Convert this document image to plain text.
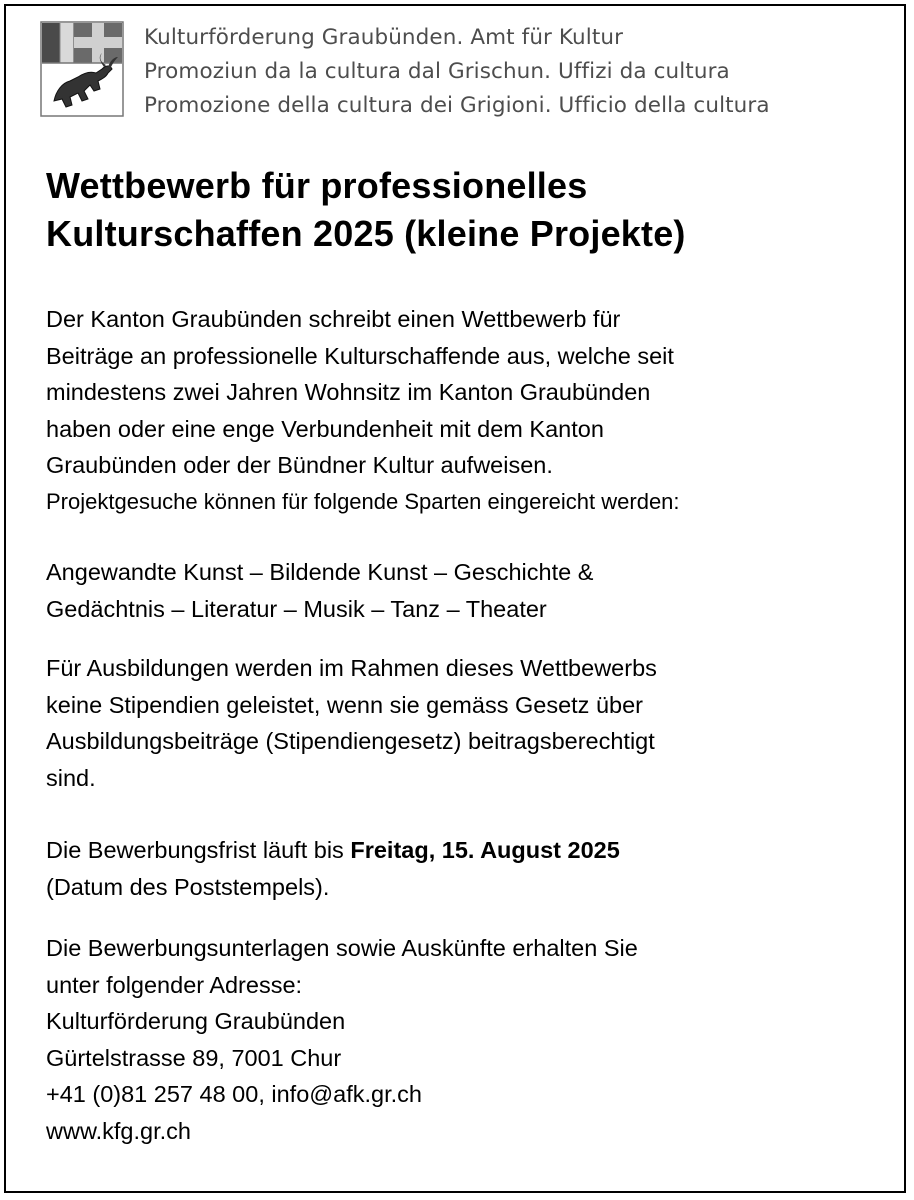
Kulturförderung Graubünden. Amt für Kultur
Promoziun da la cultura dal Grischun. Uffizi da cultura
Promozione della cultura dei Grigioni. Ufficio della cultura
Wettbewerb für professionelles
Kulturschaffen 2025 (kleine Projekte)

Der Kanton Graubünden schreibt einen Wettbewerb für

Beiträge an professionelle Kulturschaffende aus, welche seit

mindestens zwei Jahren Wohnsitz im Kanton Graubünden

haben oder eine enge Verbundenheit mit dem Kanton

Graubünden oder der Bündner Kultur aufweisen.

Projektgesuche können für folgende Sparten eingereicht werden:

Angewandte Kunst – Bildende Kunst – Geschichte &

Gedächtnis – Literatur – Musik – Tanz – Theater

Für Ausbildungen werden im Rahmen dieses Wettbewerbs

keine Stipendien geleistet, wenn sie gemäss Gesetz über

Ausbildungsbeiträge (Stipendiengesetz) beitragsberechtigt

sind.

Die Bewerbungsfrist läuft bis Freitag, 15. August 2025

(Datum des Poststempels).

Die Bewerbungsunterlagen sowie Auskünfte erhalten Sie

unter folgender Adresse:

Kulturförderung Graubünden

Gürtelstrasse 89, 7001 Chur

+41 (0)81 257 48 00, info@afk.gr.ch

www.kfg.gr.ch
